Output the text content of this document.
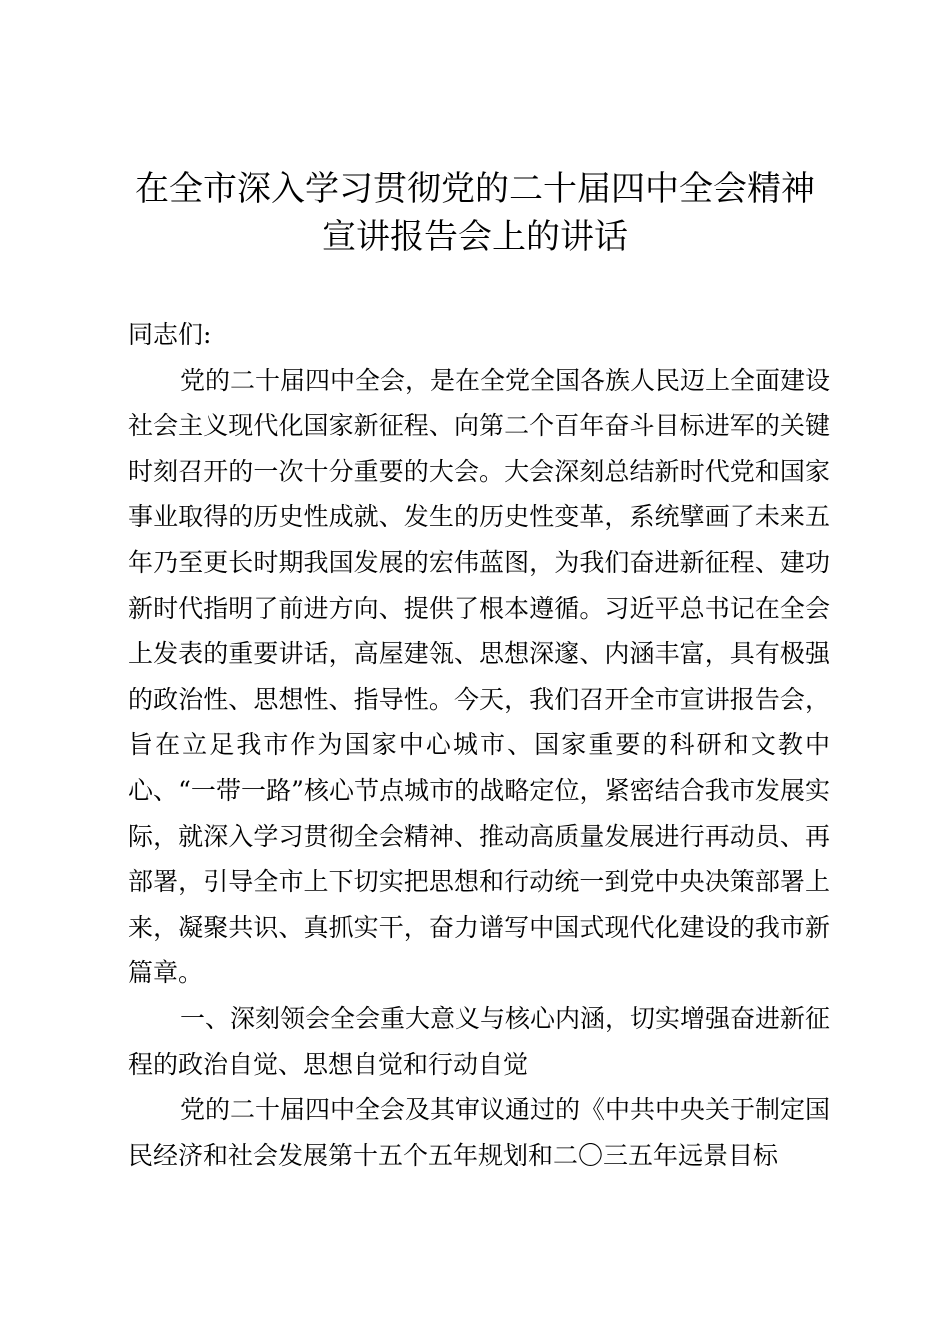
在全市深入学习贯彻党的二十届四中全会精神
宣讲报告会上的讲话

同志们:

党的二十届四中全会，是在全党全国各族人民迈上全面建设社会主义现代化国家新征程、向第二个百年奋斗目标进军的关键时刻召开的一次十分重要的大会。大会深刻总结新时代党和国家事业取得的历史性成就、发生的历史性变革，系统擘画了未来五年乃至更长时期我国发展的宏伟蓝图，为我们奋进新征程、建功新时代指明了前进方向、提供了根本遵循。习近平总书记在全会上发表的重要讲话，高屋建瓴、思想深邃、内涵丰富，具有极强的政治性、思想性、指导性。今天，我们召开全市宣讲报告会，旨在立足我市作为国家中心城市、国家重要的科研和文教中心、“一带一路”核心节点城市的战略定位，紧密结合我市发展实际，就深入学习贯彻全会精神、推动高质量发展进行再动员、再部署，引导全市上下切实把思想和行动统一到党中央决策部署上来，凝聚共识、真抓实干，奋力谱写中国式现代化建设的我市新篇章。

一、深刻领会全会重大意义与核心内涵，切实增强奋进新征程的政治自觉、思想自觉和行动自觉

党的二十届四中全会及其审议通过的《中共中央关于制定国民经济和社会发展第十五个五年规划和二〇三五年远景目标
